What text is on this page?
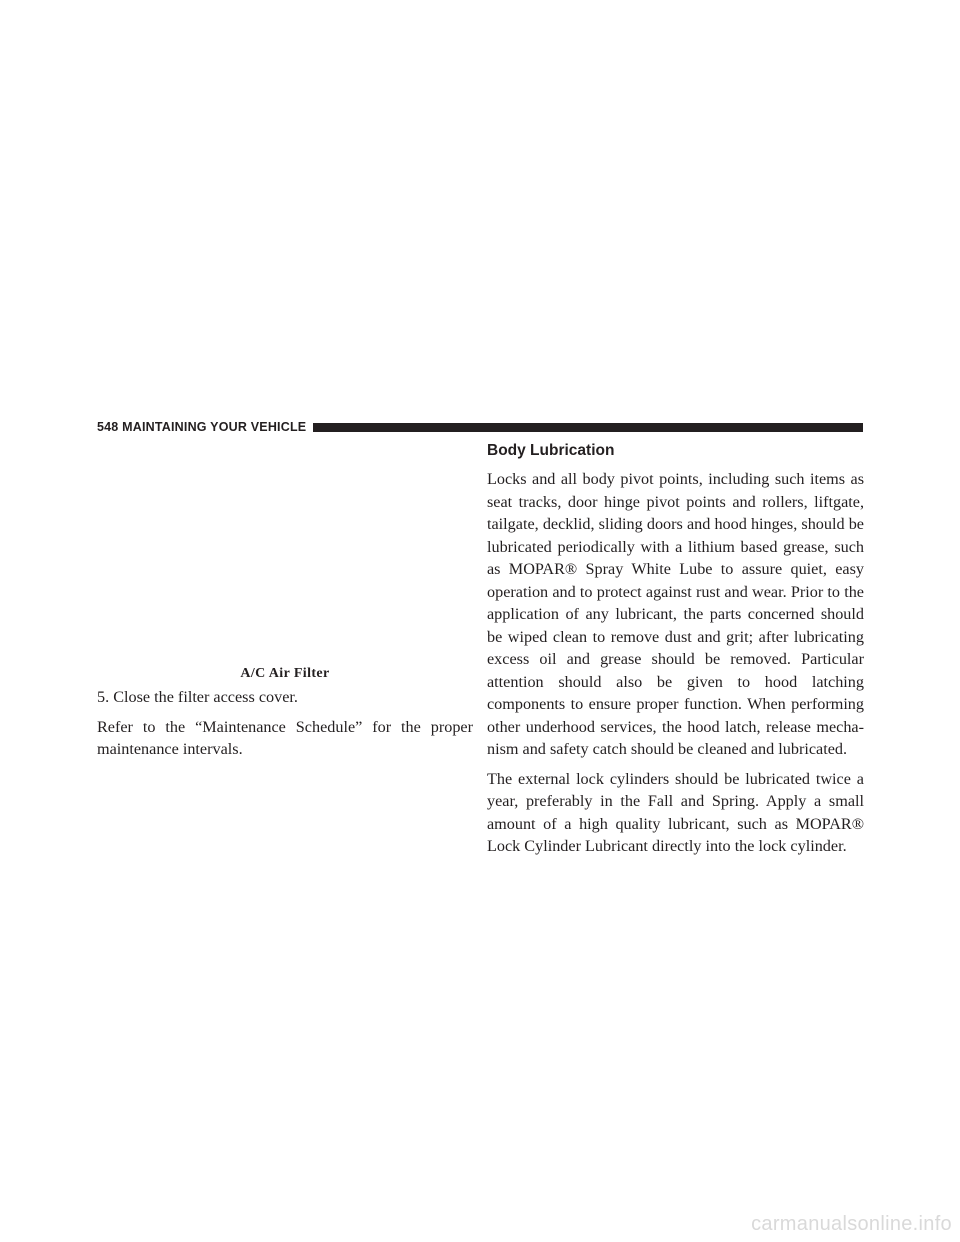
548 MAINTAINING YOUR VEHICLE
A/C Air Filter

5. Close the filter access cover.

Refer to the “Maintenance Schedule” for the proper maintenance intervals.

Body Lubrication

Locks and all body pivot points, including such items as seat tracks, door hinge pivot points and rollers, liftgate, tailgate, decklid, sliding doors and hood hinges, should be lubricated periodically with a lithium based grease, such as MOPAR® Spray White Lube to assure quiet, easy operation and to protect against rust and wear. Prior to the application of any lubricant, the parts concerned should be wiped clean to remove dust and grit; after lubricating excess oil and grease should be removed. Particular attention should also be given to hood latching components to ensure proper function. When performing other underhood services, the hood latch, release mecha-nism and safety catch should be cleaned and lubricated.

The external lock cylinders should be lubricated twice a year, preferably in the Fall and Spring. Apply a small amount of a high quality lubricant, such as MOPAR® Lock Cylinder Lubricant directly into the lock cylinder.

carmanualsonline.info
